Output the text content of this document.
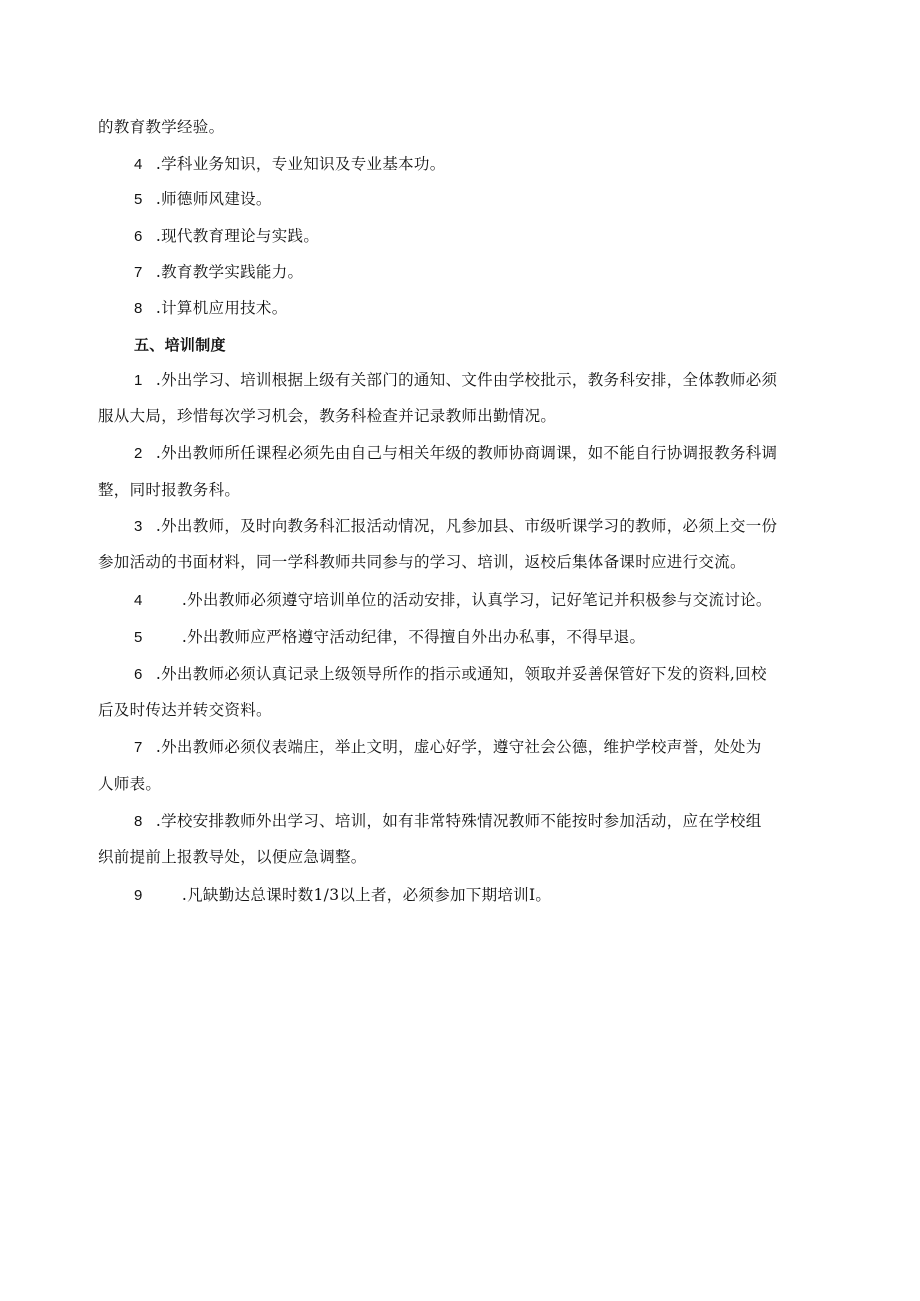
的教育教学经验。
4 .学科业务知识，专业知识及专业基本功。
5 .师德师风建设。
6 .现代教育理论与实践。
7 .教育教学实践能力。
8 .计算机应用技术。
五、培训制度
1 .外出学习、培训根据上级有关部门的通知、文件由学校批示，教务科安排，全体教师必须
服从大局，珍惜每次学习机会，教务科检查并记录教师出勤情况。
2 .外出教师所任课程必须先由自己与相关年级的教师协商调课，如不能自行协调报教务科调
整，同时报教务科。
3 .外出教师，及时向教务科汇报活动情况，凡参加县、市级听课学习的教师，必须上交一份
参加活动的书面材料，同一学科教师共同参与的学习、培训，返校后集体备课时应进行交流。
4	.外出教师必须遵守培训单位的活动安排，认真学习，记好笔记并积极参与交流讨论。
5	.外出教师应严格遵守活动纪律，不得擅自外出办私事，不得早退。
6 .外出教师必须认真记录上级领导所作的指示或通知，领取并妥善保管好下发的资料,回校
后及时传达并转交资料。
7 .外出教师必须仪表端庄，举止文明，虚心好学，遵守社会公德，维护学校声誉，处处为
人师表。
8 .学校安排教师外出学习、培训，如有非常特殊情况教师不能按时参加活动，应在学校组
织前提前上报教导处，以便应急调整。
9	.凡缺勤达总课时数1/3以上者，必须参加下期培训I。
